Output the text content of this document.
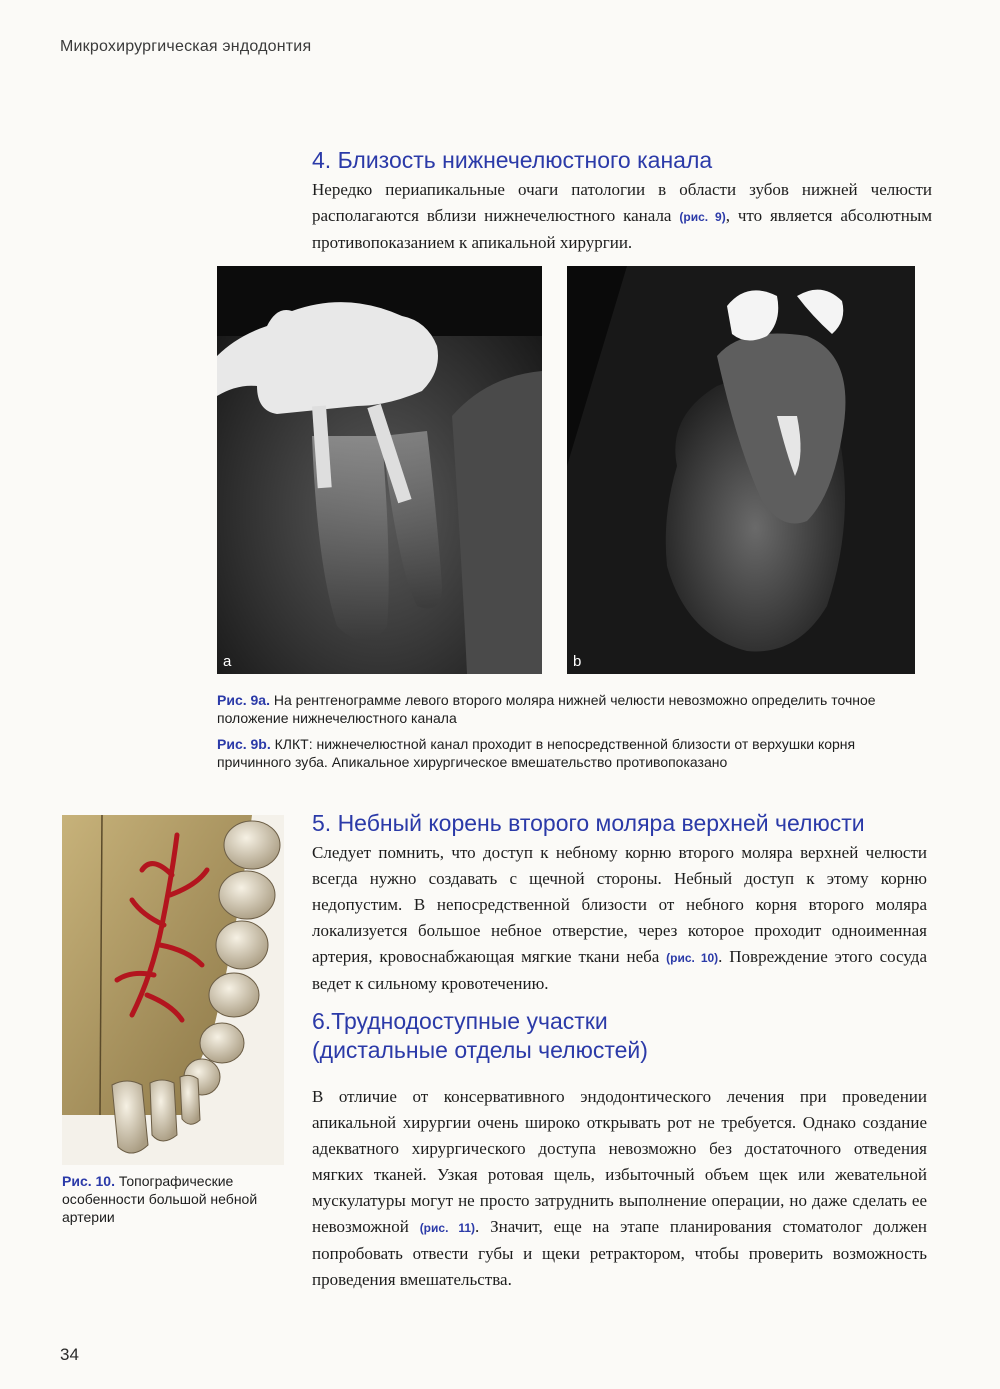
Микрохирургическая эндодонтия
4. Близость нижнечелюстного канала

Нередко периапикальные очаги патологии в области зубов нижней челюсти располагаются вблизи нижнечелюстного канала (рис. 9), что является абсолютным противопоказанием к апикальной хирургии.

a	b

Рис. 9a. На рентгенограмме левого второго моляра нижней челюсти невозможно определить точное положение нижнечелюстного канала

Рис. 9b. КЛКТ: нижнечелюстной канал проходит в непосредственной близости от верхушки корня причинного зуба. Апикальное хирургическое вмешательство противопоказано

Рис. 10. Топографические особенности большой небной артерии

5. Небный корень второго моляра верхней челюсти

Следует помнить, что доступ к небному корню второго моляра верхней челюсти всегда нужно создавать с щечной стороны. Небный доступ к этому корню недопустим. В непосредственной близости от небного корня второго моляра локализуется большое небное отверстие, через которое проходит одноименная артерия, кровоснабжающая мягкие ткани неба (рис. 10). Повреждение этого сосуда ведет к сильному кровотечению.

6.Труднодоступные участки
(дистальные отделы челюстей)

В отличие от консервативного эндодонтического лечения при проведении апикальной хирургии очень широко открывать рот не требуется. Однако создание адекватного хирургического доступа невозможно без достаточного отведения мягких тканей. Узкая ротовая щель, избыточный объем щек или жевательной мускулатуры могут не просто затруднить выполнение операции, но даже сделать ее невозможной (рис. 11). Значит, еще на этапе планирования стоматолог должен попробовать отвести губы и щеки ретрактором, чтобы проверить возможность проведения вмешательства.

34
